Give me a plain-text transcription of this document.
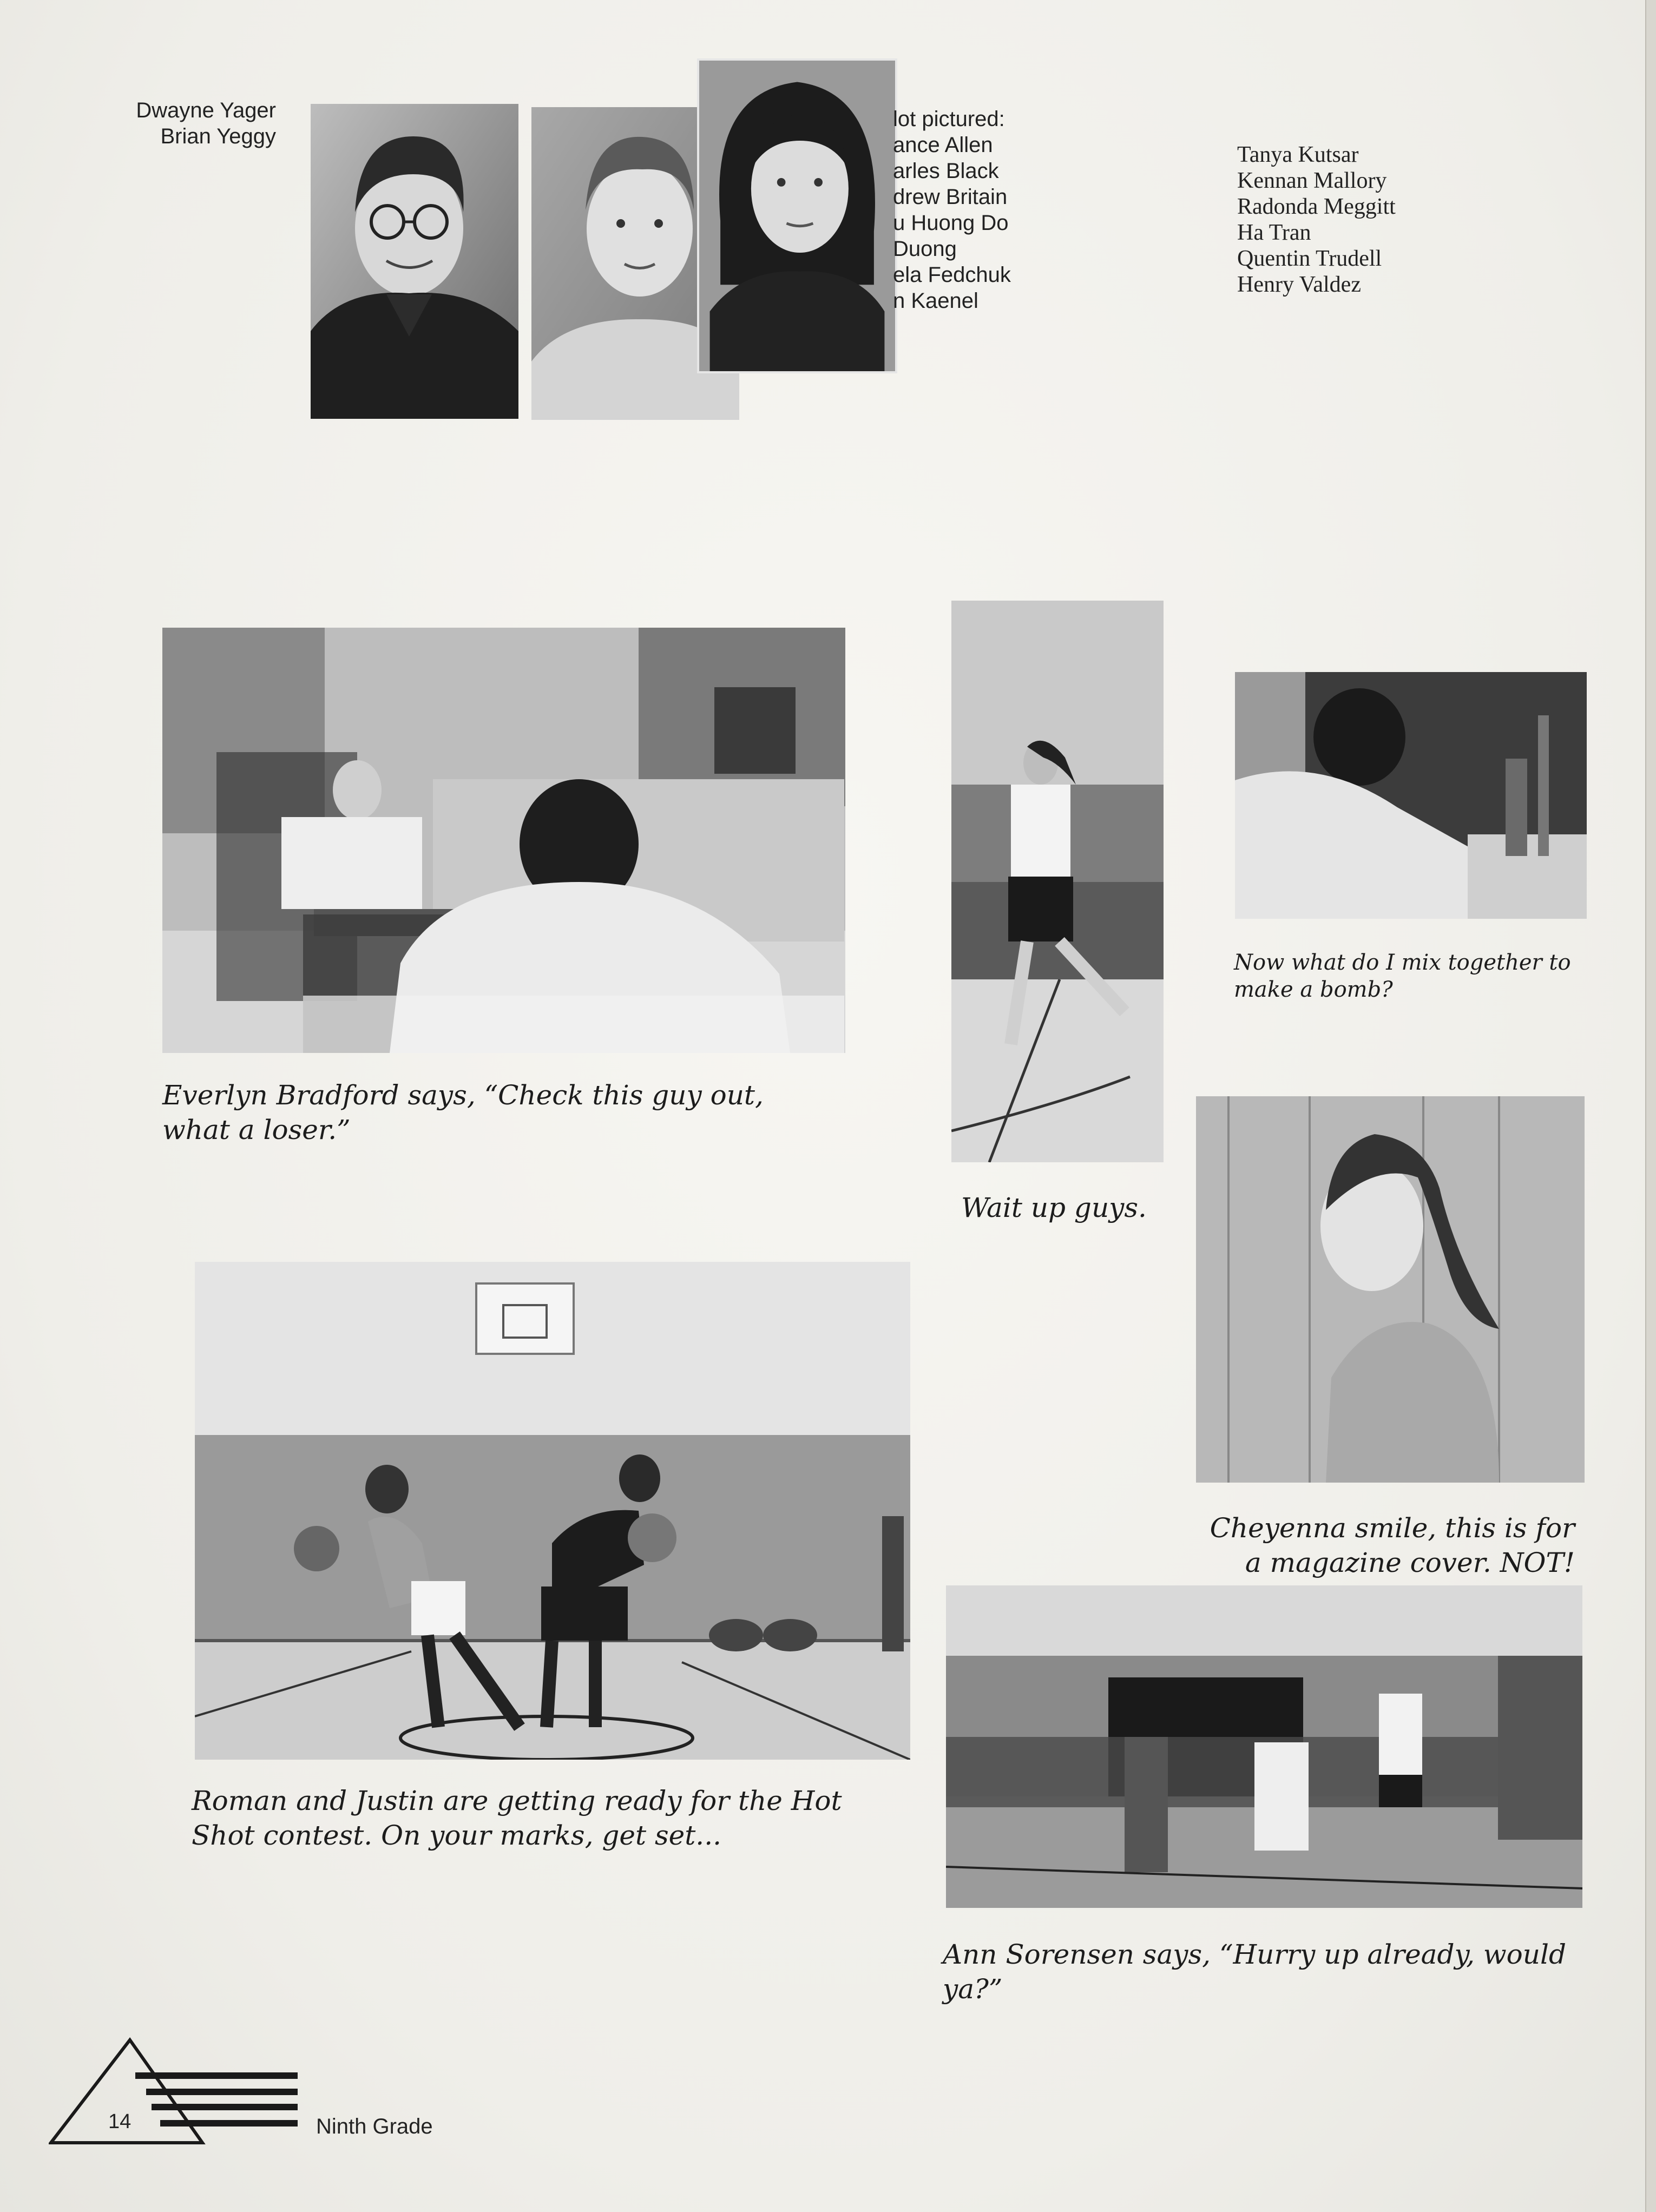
Dwayne Yager
Brian Yeggy
lot pictured:
ance Allen
arles Black
drew Britain
u Huong Do
Duong
ela Fedchuk
n Kaenel
Tanya Kutsar
Kennan Mallory
Radonda Meggitt
Ha Tran
Quentin Trudell
Henry Valdez
Everlyn Bradford says, “Check this guy out,
what a loser.”
Wait up guys.
Now what do I mix together to
make a bomb?
Cheyenna smile, this is for
a magazine cover. NOT!
Roman and Justin are getting ready for the Hot
Shot contest. On your marks, get set...
Ann Sorensen says, “Hurry up already, would
ya?”
14	Ninth Grade
